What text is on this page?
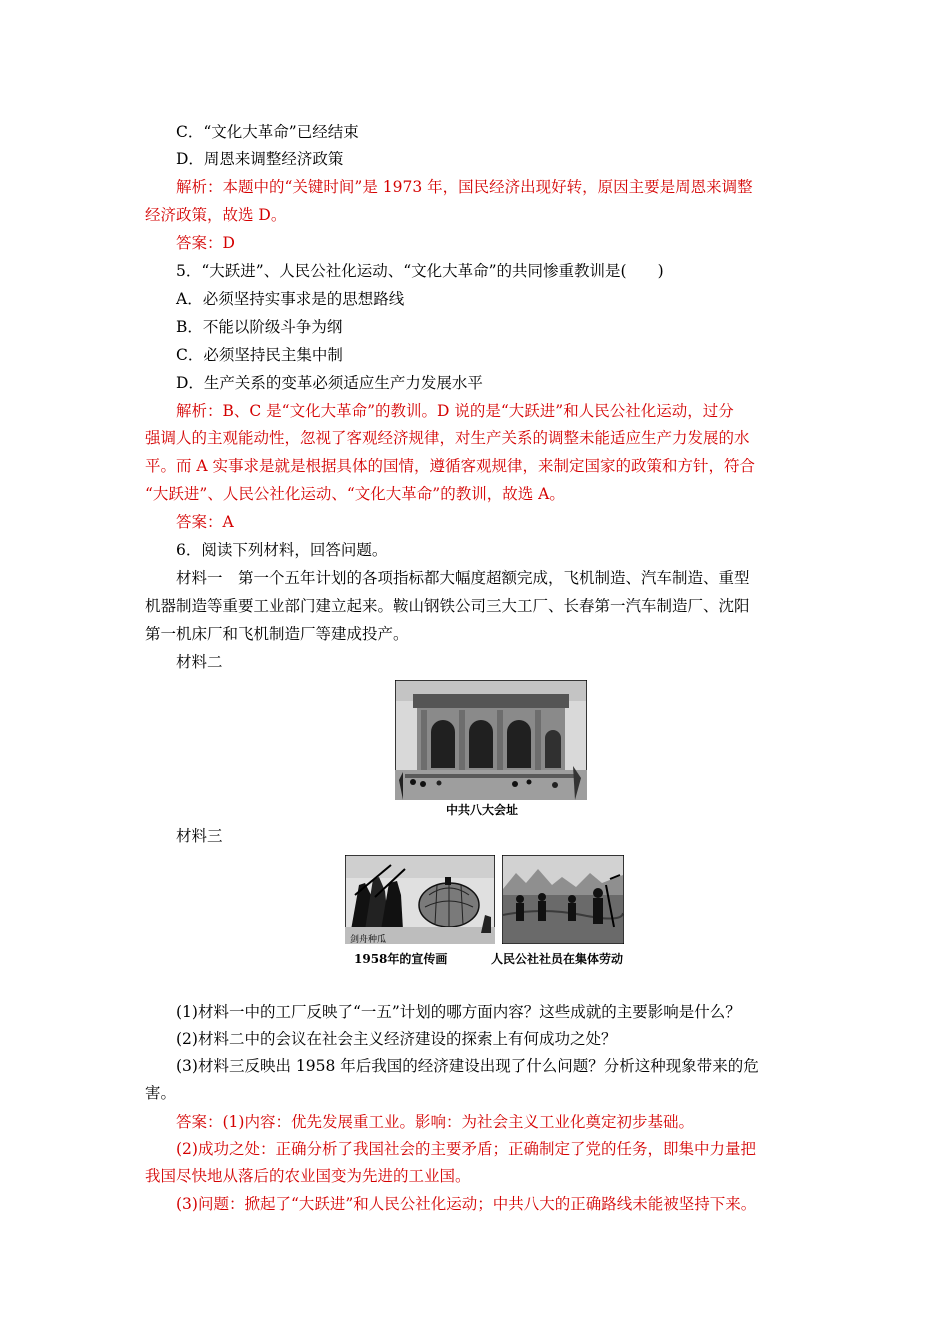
C．“文化大革命”已经结束
D．周恩来调整经济政策
解析：本题中的“关键时间”是 1973 年，国民经济出现好转，原因主要是周恩来调整
经济政策，故选 D。
答案：D
5．“大跃进”、人民公社化运动、“文化大革命”的共同惨重教训是(　　)
A．必须坚持实事求是的思想路线
B．不能以阶级斗争为纲
C．必须坚持民主集中制
D．生产关系的变革必须适应生产力发展水平
解析：B、C 是“文化大革命”的教训。D 说的是“大跃进”和人民公社化运动，过分
强调人的主观能动性，忽视了客观经济规律，对生产关系的调整未能适应生产力发展的水
平。而 A 实事求是就是根据具体的国情，遵循客观规律，来制定国家的政策和方针，符合
“大跃进”、人民公社化运动、“文化大革命”的教训，故选 A。
答案：A
6．阅读下列材料，回答问题。
材料一　第一个五年计划的各项指标都大幅度超额完成，飞机制造、汽车制造、重型
机器制造等重要工业部门建立起来。鞍山钢铁公司三大工厂、长春第一汽车制造厂、沈阳
第一机床厂和飞机制造厂等建成投产。
材料二
中共八大会址
材料三
剑舟种瓜
1958年的宣传画	人民公社社员在集体劳动
(1)材料一中的工厂反映了“一五”计划的哪方面内容？这些成就的主要影响是什么？
(2)材料二中的会议在社会主义经济建设的探索上有何成功之处？
(3)材料三反映出 1958 年后我国的经济建设出现了什么问题？分析这种现象带来的危
害。
答案：(1)内容：优先发展重工业。影响：为社会主义工业化奠定初步基础。
(2)成功之处：正确分析了我国社会的主要矛盾；正确制定了党的任务，即集中力量把
我国尽快地从落后的农业国变为先进的工业国。
(3)问题：掀起了“大跃进”和人民公社化运动；中共八大的正确路线未能被坚持下来。
